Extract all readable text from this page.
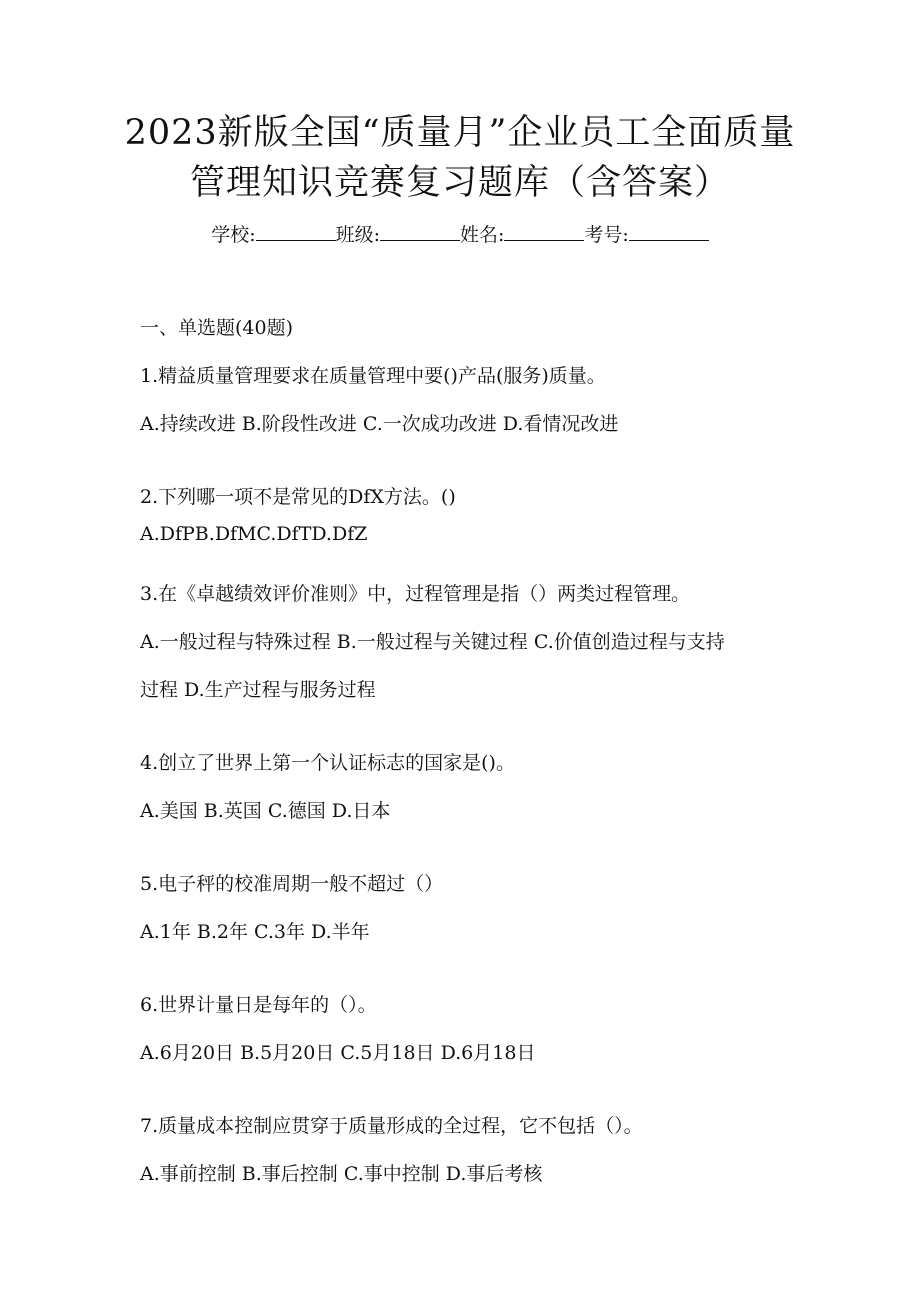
2023新版全国“质量月”企业员工全面质量
管理知识竞赛复习题库（含答案）
学校:	班级:	姓名:	考号:
一、单选题(40题)
1.精益质量管理要求在质量管理中要()产品(服务)质量。
A.持续改进 B.阶段性改进 C.一次成功改进 D.看情况改进
2.下列哪一项不是常见的DfX方法。()
A.DfPB.DfMC.DfTD.DfZ
3.在《卓越绩效评价准则》中，过程管理是指（）两类过程管理。
A.一般过程与特殊过程 B.一般过程与关键过程 C.价值创造过程与支持
过程 D.生产过程与服务过程
4.创立了世界上第一个认证标志的国家是()。
A.美国 B.英国 C.德国 D.日本
5.电子秤的校准周期一般不超过（）
A.1年 B.2年 C.3年 D.半年
6.世界计量日是每年的（）。
A.6月20日 B.5月20日 C.5月18日 D.6月18日
7.质量成本控制应贯穿于质量形成的全过程，它不包括（）。
A.事前控制 B.事后控制 C.事中控制 D.事后考核
